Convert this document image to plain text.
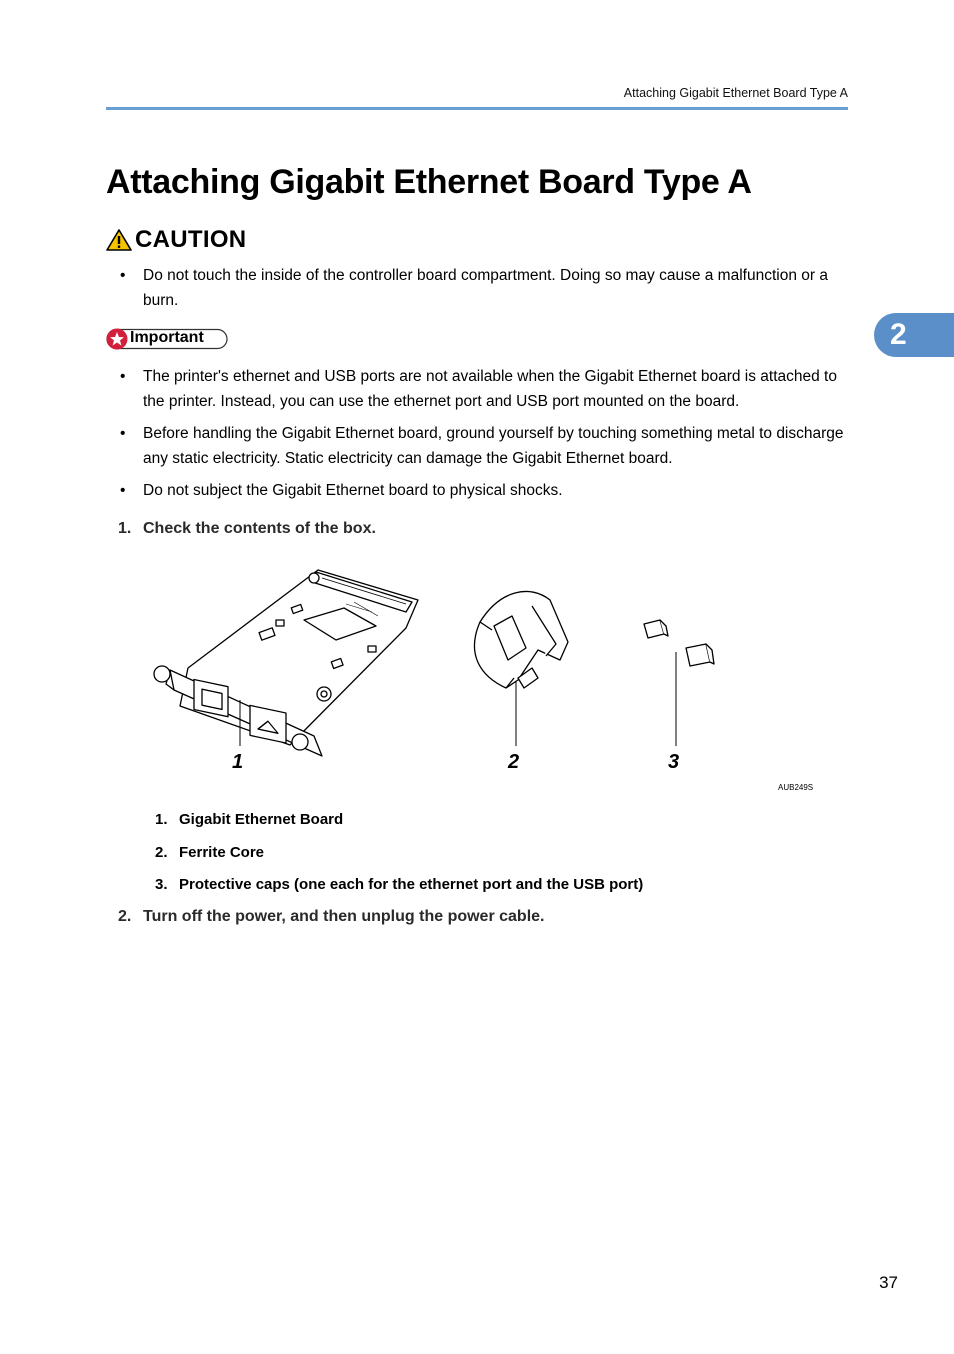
Attaching Gigabit Ethernet Board Type A
Attaching Gigabit Ethernet Board Type A
CAUTION

• Do not touch the inside of the controller board compartment. Doing so may cause a malfunction or a burn.

Important

• The printer's ethernet and USB ports are not available when the Gigabit Ethernet board is attached to the printer. Instead, you can use the ethernet port and USB port mounted on the board.

• Before handling the Gigabit Ethernet board, ground yourself by touching something metal to discharge any static electricity. Static electricity can damage the Gigabit Ethernet board.

• Do not subject the Gigabit Ethernet board to physical shocks.

2
1. Check the contents of the box.
1	2	3
AUB249S
1. Gigabit Ethernet Board
2. Ferrite Core
3. Protective caps (one each for the ethernet port and the USB port)
2. Turn off the power, and then unplug the power cable.
37
